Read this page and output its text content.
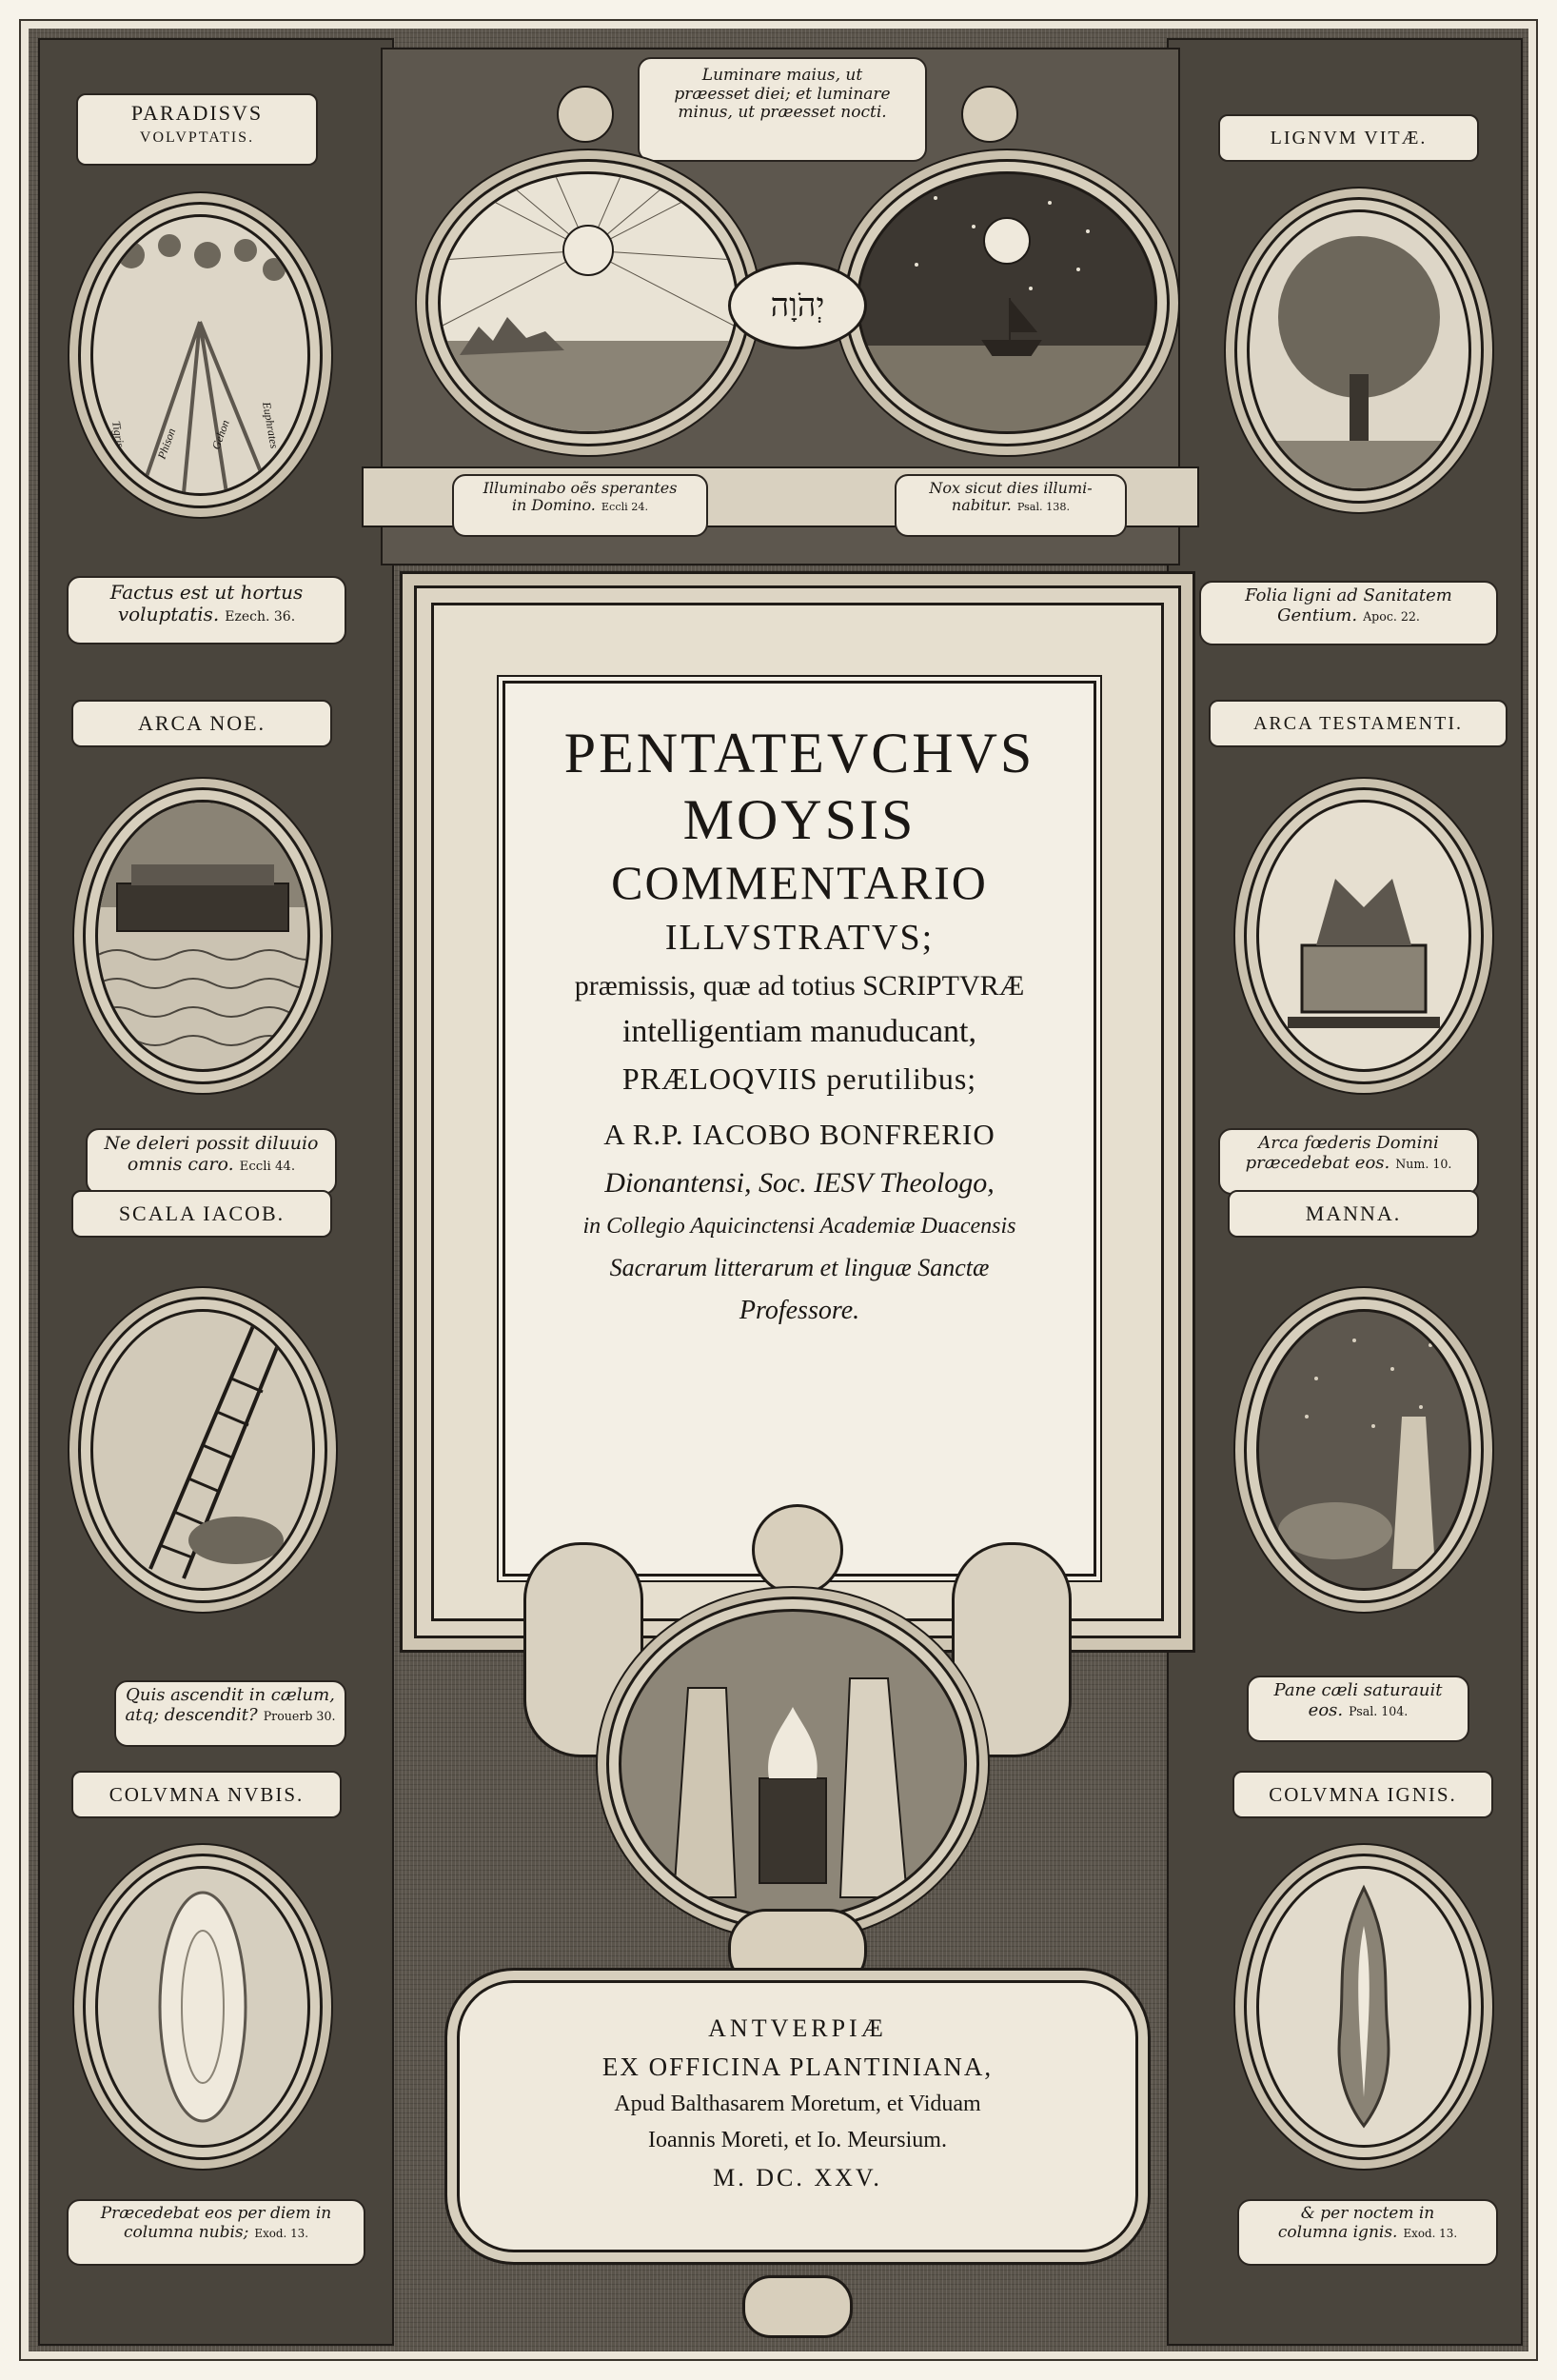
Luminare maius, ut
præesset diei; et luminare
minus, ut præesset nocti.
יְהֹוָה
Illuminabo oẽs sperantes
in Domino. Eccli 24.
Nox sicut dies illumi-
nabitur. Psal. 138.
PARADISVS
VOLVPTATIS.
Tigris Phison	Gehon Euphrates
Factus est ut hortus
voluptatis. Ezech. 36.
ARCA NOE.
Ne deleri possit diluuio
omnis caro. Eccli 44.
SCALA IACOB.
Quis ascendit in cælum,
atq; descendit? Prouerb 30.
COLVMNA NVBIS.
Præcedebat eos per diem in
columna nubis; Exod. 13.
LIGNVM VITÆ.
Folia ligni ad Sanitatem
Gentium. Apoc. 22.
ARCA TESTAMENTI.
Arca fœderis Domini
præcedebat eos. Num. 10.
MANNA.
Pane cæli saturauit
eos. Psal. 104.
COLVMNA IGNIS.
& per noctem in
columna ignis. Exod. 13.
PENTATEVCHVS
MOYSIS
COMMENTARIO
ILLVSTRATVS;
præmissis, quæ ad totius SCRIPTVRÆ
intelligentiam manuducant,
PRÆLOQVIIS perutilibus;
A R.P. IACOBO BONFRERIO
Dionantensi, Soc. IESV Theologo,
in Collegio Aquicinctensi Academiæ Duacensis
Sacrarum litterarum et linguæ Sanctæ
Professore.
ANTVERPIÆ
EX OFFICINA PLANTINIANA,
Apud Balthasarem Moretum, et Viduam
Ioannis Moreti, et Io. Meursium.
M. DC. XXV.
